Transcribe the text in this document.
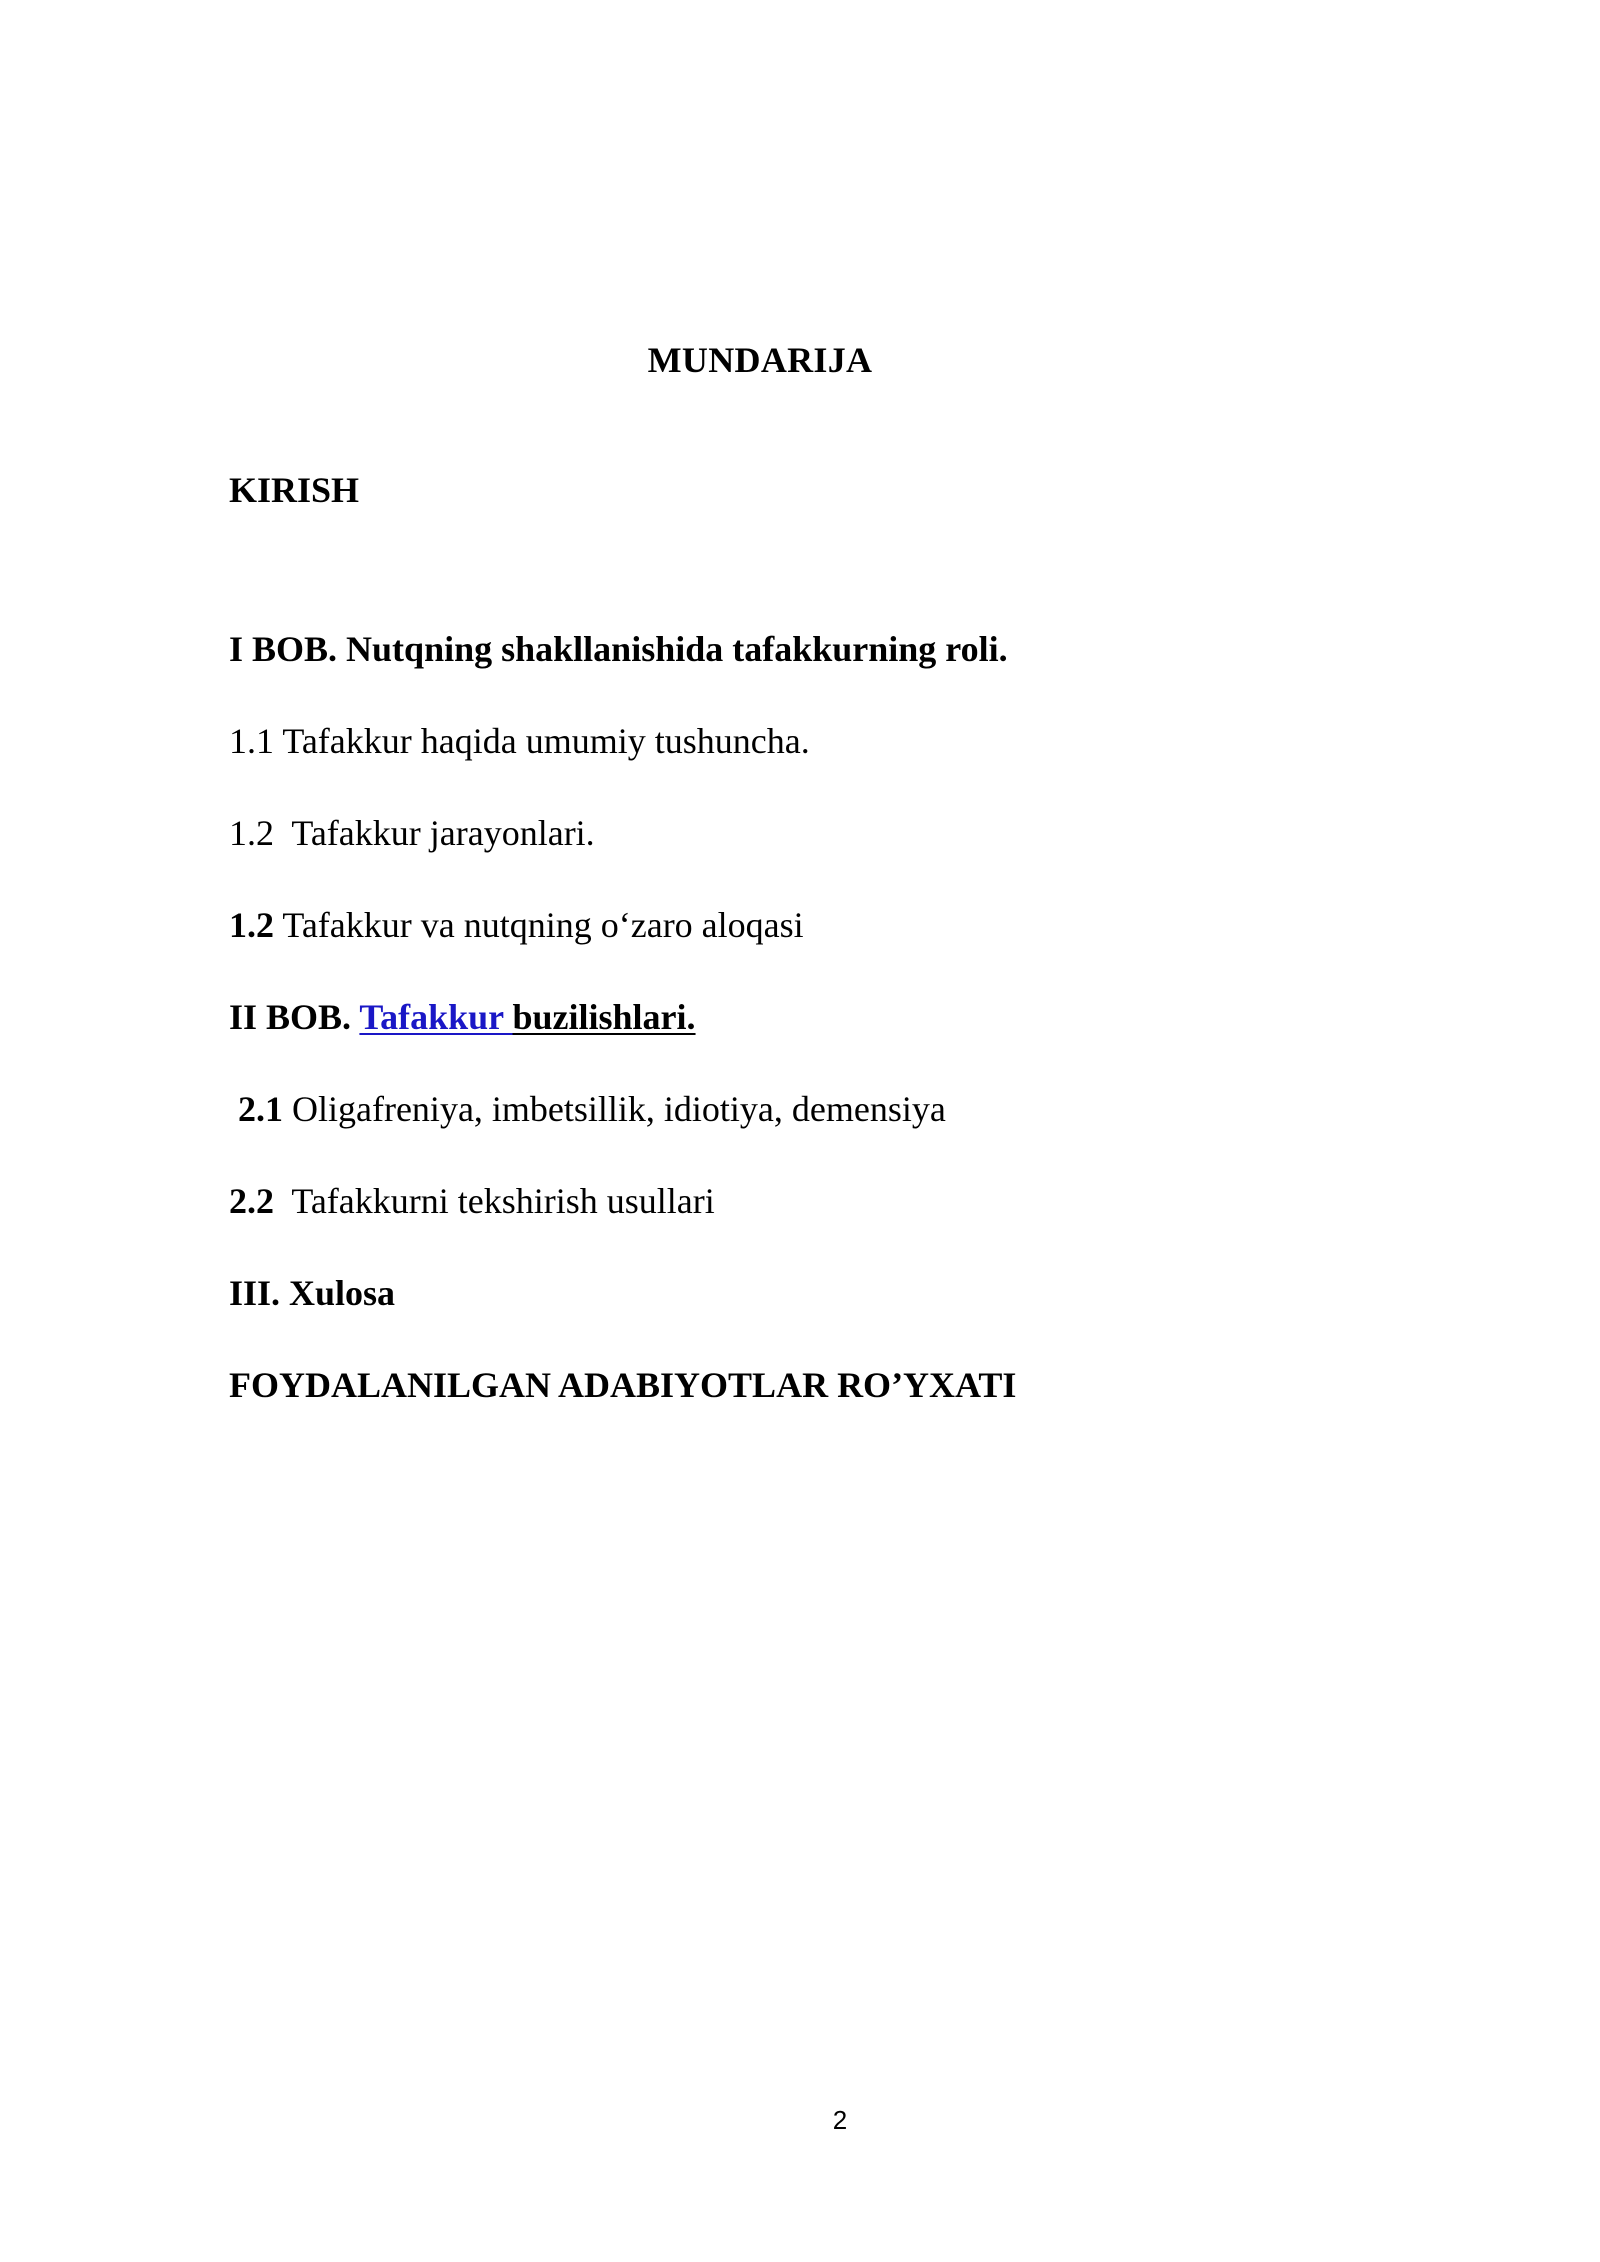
MUNDARIJA
KIRISH
I BOB. Nutqning shakllanishida tafakkurning roli.
1.1 Tafakkur haqida umumiy tushuncha.
1.2  Tafakkur jarayonlari.
1.2 Tafakkur va nutqning o‘zaro aloqasi
II BOB. Tafakkur buzilishlari.
2.1 Oligafreniya, imbetsillik, idiotiya, demensiya
2.2  Tafakkurni tekshirish usullari
III. Xulosa
FOYDALANILGAN ADABIYOTLAR RO’YXATI
2
